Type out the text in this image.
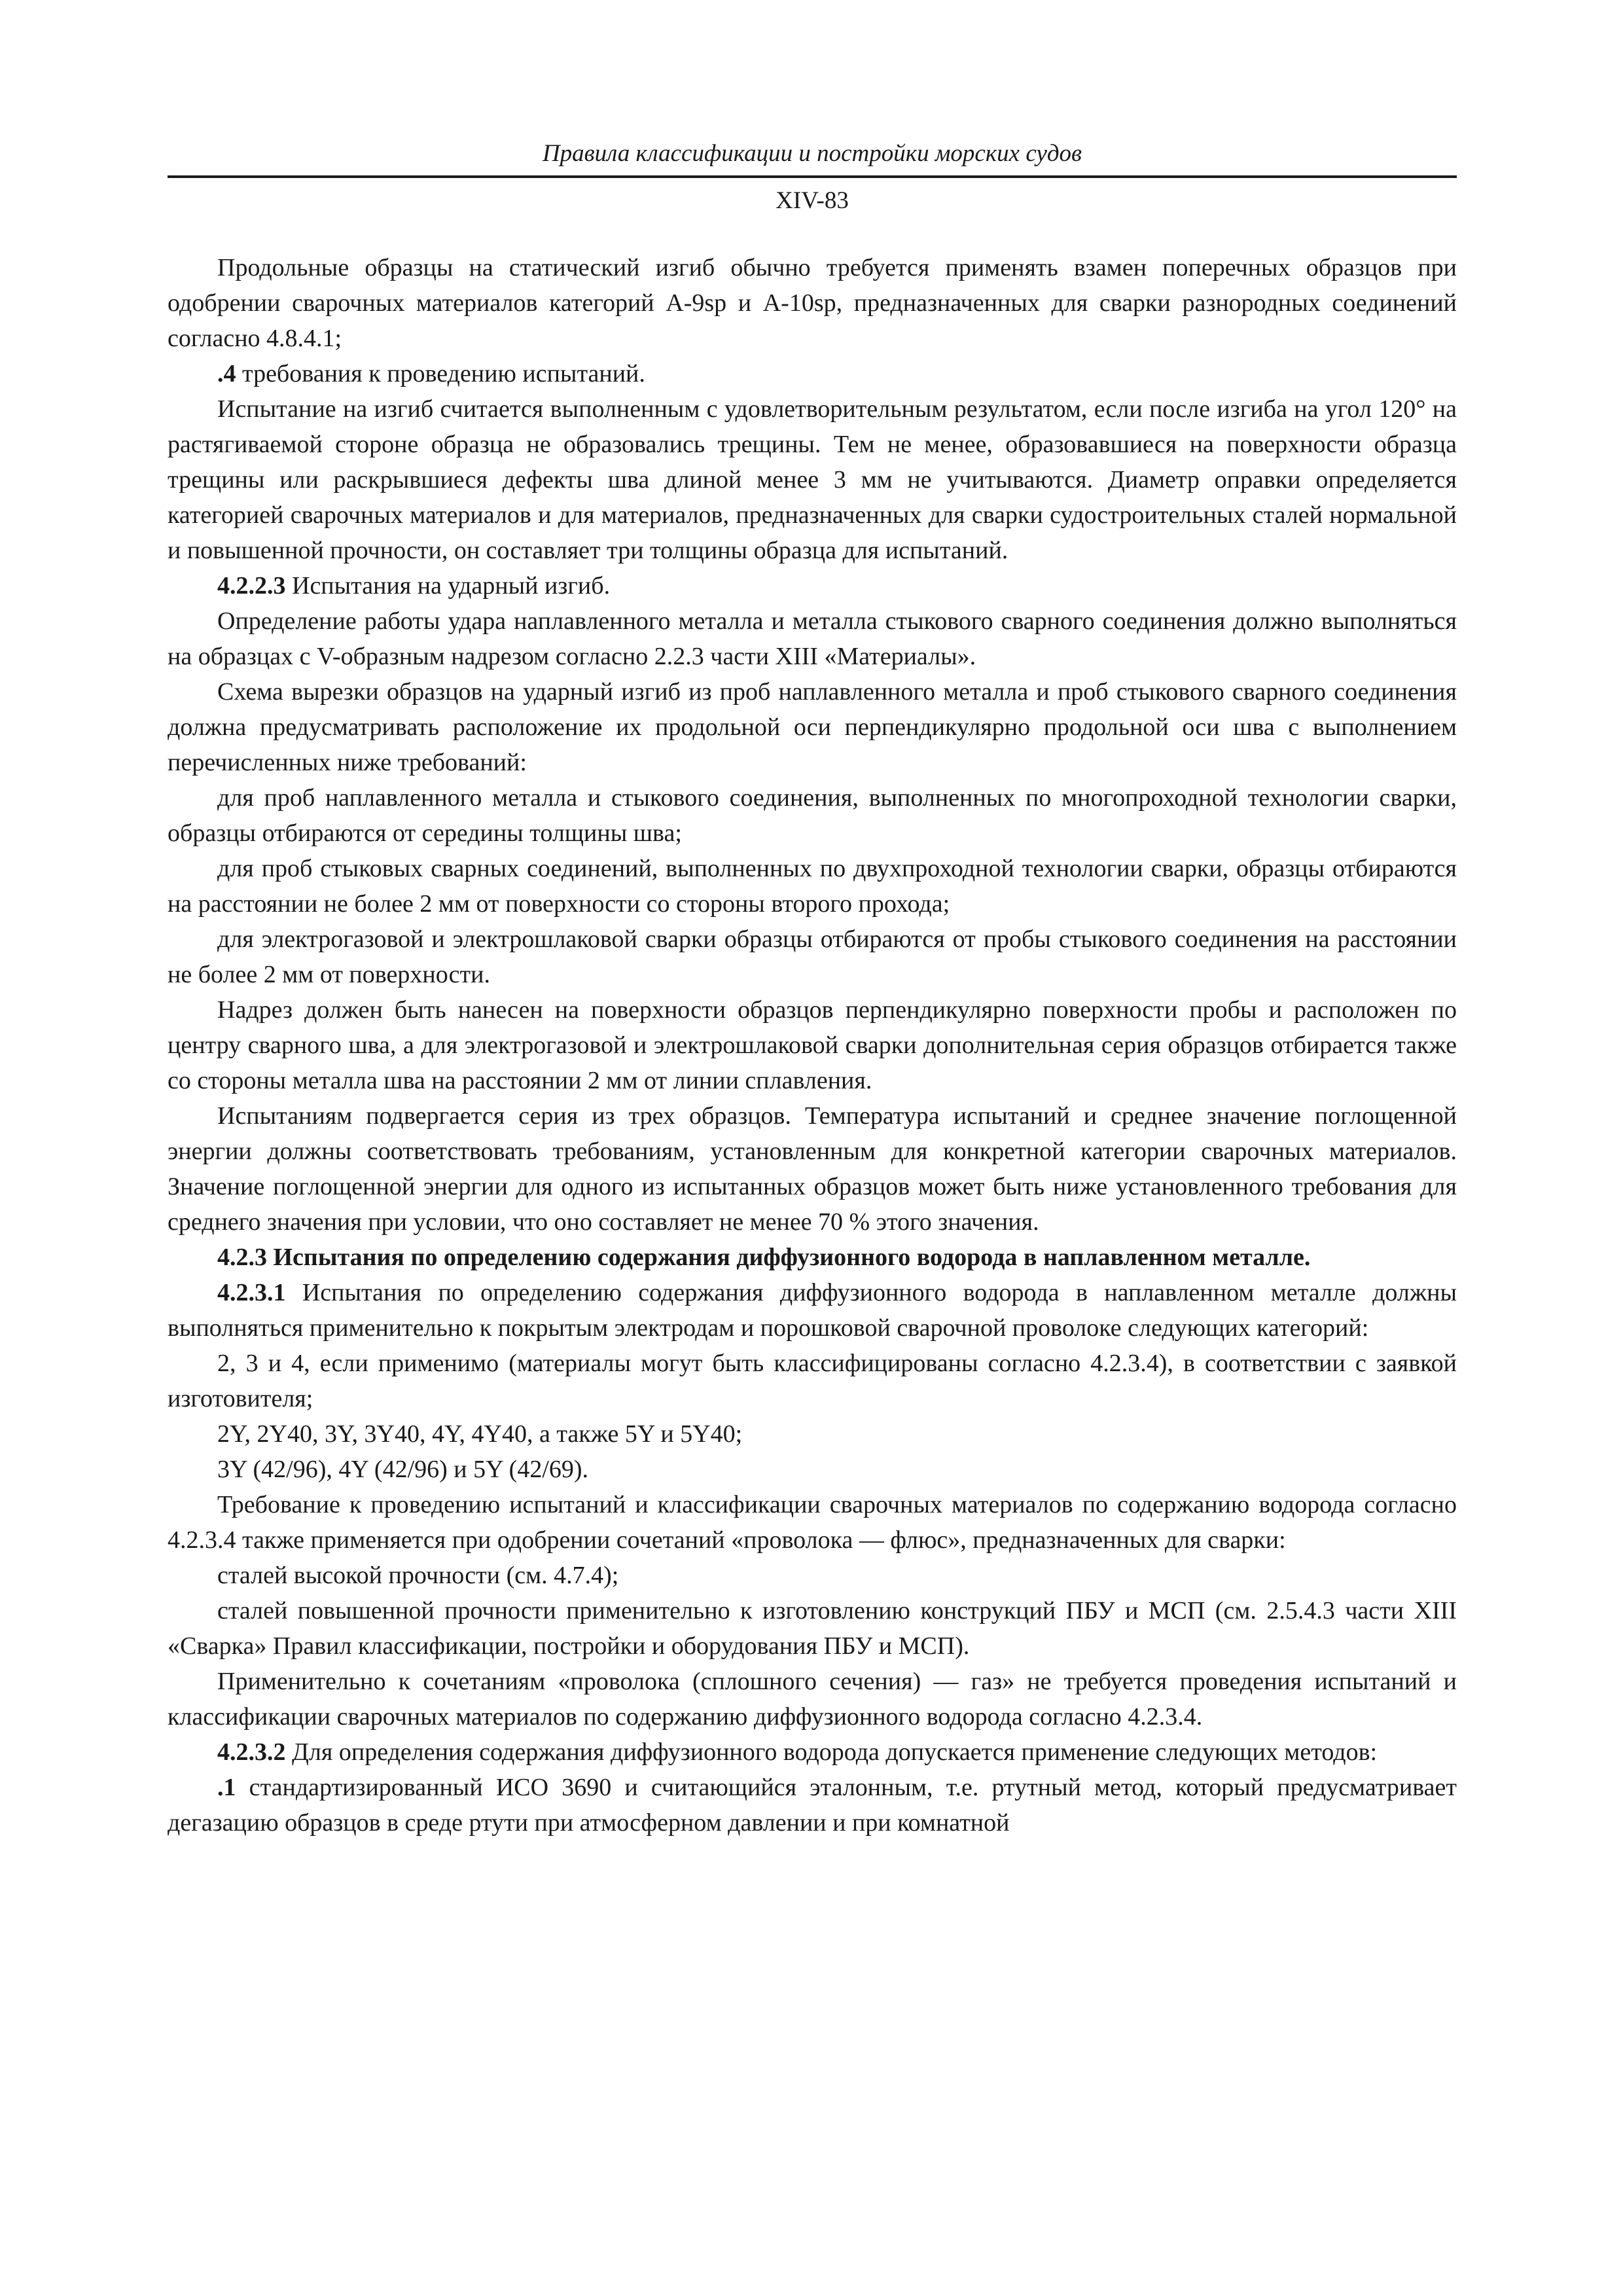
Правила классификации и постройки морских судов
XIV-83

Продольные образцы на статический изгиб обычно требуется применять взамен поперечных образцов при одобрении сварочных материалов категорий A-9sp и A-10sp, предназначенных для сварки разнородных соединений согласно 4.8.4.1;

.4 требования к проведению испытаний.

Испытание на изгиб считается выполненным с удовлетворительным результатом, если после изгиба на угол 120° на растягиваемой стороне образца не образовались трещины. Тем не менее, образовавшиеся на поверхности образца трещины или раскрывшиеся дефекты шва длиной менее 3 мм не учитываются. Диаметр оправки определяется категорией сварочных материалов и для материалов, предназначенных для сварки судостроительных сталей нормальной и повышенной прочности, он составляет три толщины образца для испытаний.

4.2.2.3 Испытания на ударный изгиб.

Определение работы удара наплавленного металла и металла стыкового сварного соединения должно выполняться на образцах с V-образным надрезом согласно 2.2.3 части XIII «Материалы».

Схема вырезки образцов на ударный изгиб из проб наплавленного металла и проб стыкового сварного соединения должна предусматривать расположение их продольной оси перпендикулярно продольной оси шва с выполнением перечисленных ниже требований:

для проб наплавленного металла и стыкового соединения, выполненных по многопроходной технологии сварки, образцы отбираются от середины толщины шва;

для проб стыковых сварных соединений, выполненных по двухпроходной технологии сварки, образцы отбираются на расстоянии не более 2 мм от поверхности со стороны второго прохода;

для электрогазовой и электрошлаковой сварки образцы отбираются от пробы стыкового соединения на расстоянии не более 2 мм от поверхности.

Надрез должен быть нанесен на поверхности образцов перпендикулярно поверхности пробы и расположен по центру сварного шва, а для электрогазовой и электрошлаковой сварки дополнительная серия образцов отбирается также со стороны металла шва на расстоянии 2 мм от линии сплавления.

Испытаниям подвергается серия из трех образцов. Температура испытаний и среднее значение поглощенной энергии должны соответствовать требованиям, установленным для конкретной категории сварочных материалов. Значение поглощенной энергии для одного из испытанных образцов может быть ниже установленного требования для среднего значения при условии, что оно составляет не менее 70 % этого значения.

4.2.3 Испытания по определению содержания диффузионного водорода в наплавленном металле.

4.2.3.1 Испытания по определению содержания диффузионного водорода в наплавленном металле должны выполняться применительно к покрытым электродам и порошковой сварочной проволоке следующих категорий:

2, 3 и 4, если применимо (материалы могут быть классифицированы согласно 4.2.3.4), в соответствии с заявкой изготовителя;

2Y, 2Y40, 3Y, 3Y40, 4Y, 4Y40, а также 5Y и 5Y40;

3Y (42/96), 4Y (42/96) и 5Y (42/69).

Требование к проведению испытаний и классификации сварочных материалов по содержанию водорода согласно 4.2.3.4 также применяется при одобрении сочетаний «проволока — флюс», предназначенных для сварки:

сталей высокой прочности (см. 4.7.4);

сталей повышенной прочности применительно к изготовлению конструкций ПБУ и МСП (см. 2.5.4.3 части XIII «Сварка» Правил классификации, постройки и оборудования ПБУ и МСП).

Применительно к сочетаниям «проволока (сплошного сечения) — газ» не требуется проведения испытаний и классификации сварочных материалов по содержанию диффузионного водорода согласно 4.2.3.4.

4.2.3.2 Для определения содержания диффузионного водорода допускается применение следующих методов:

.1 стандартизированный ИСО 3690 и считающийся эталонным, т.е. ртутный метод, который предусматривает дегазацию образцов в среде ртути при атмосферном давлении и при комнатной
